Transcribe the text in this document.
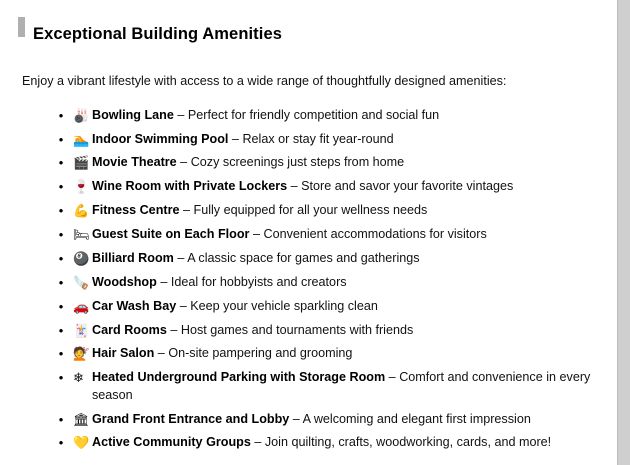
Exceptional Building Amenities

Enjoy a vibrant lifestyle with access to a wide range of thoughtfully designed amenities:

• 🎳 Bowling Lane – Perfect for friendly competition and social fun
• 🏊 Indoor Swimming Pool – Relax or stay fit year-round
• 🎬 Movie Theatre – Cozy screenings just steps from home
• 🍷 Wine Room with Private Lockers – Store and savor your favorite vintages
• 💪 Fitness Centre – Fully equipped for all your wellness needs
• 🛏 Guest Suite on Each Floor – Convenient accommodations for visitors
• 🎱 Billiard Room – A classic space for games and gatherings
• 🪚 Woodshop – Ideal for hobbyists and creators
• 🚗 Car Wash Bay – Keep your vehicle sparkling clean
• 🃏 Card Rooms – Host games and tournaments with friends
• 💇 Hair Salon – On-site pampering and grooming
• ❄ Heated Underground Parking with Storage Room – Comfort and convenience in every season
• 🏛 Grand Front Entrance and Lobby – A welcoming and elegant first impression
• 💛 Active Community Groups – Join quilting, crafts, woodworking, cards, and more!
